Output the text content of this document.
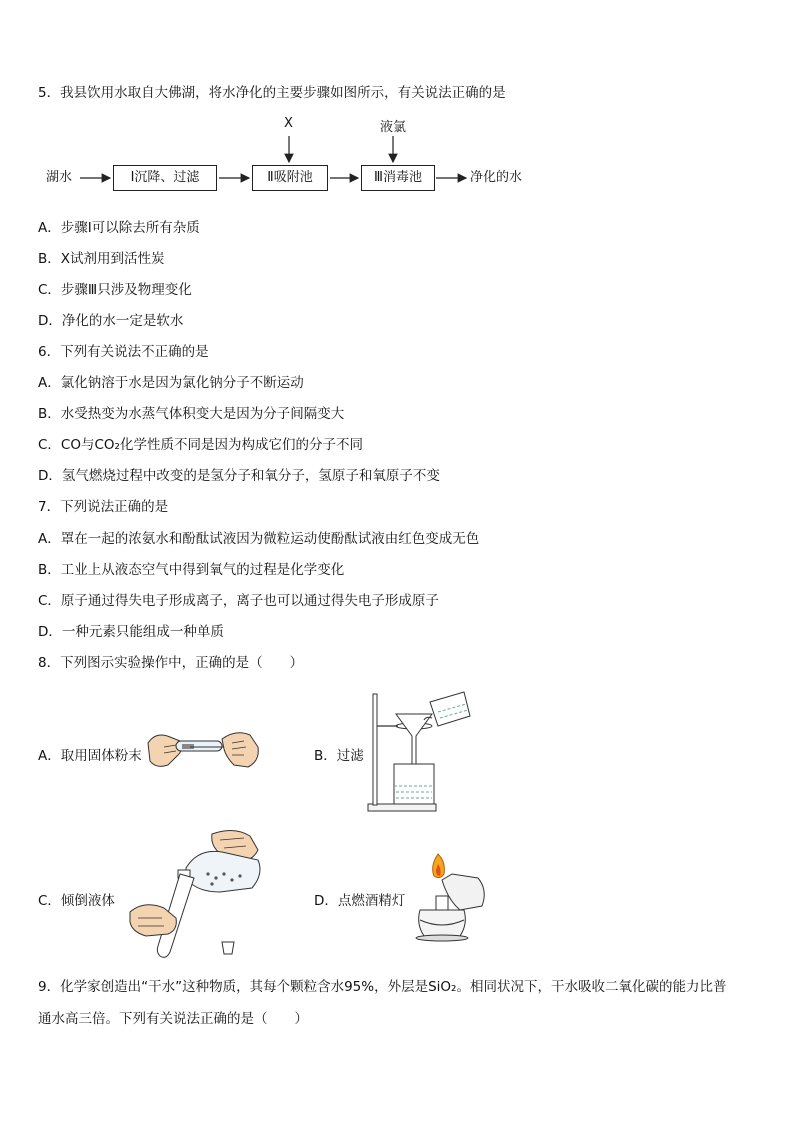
5．我县饮用水取自大佛湖，将水净化的主要步骤如图所示，有关说法正确的是
湖水	Ⅰ沉降、过滤	Ⅱ吸附池	Ⅲ消毒池	净化的水
X	液氯
A．步骤Ⅰ可以除去所有杂质
B．X试剂用到活性炭
C．步骤Ⅲ只涉及物理变化
D．净化的水一定是软水
6．下列有关说法不正确的是
A．氯化钠溶于水是因为氯化钠分子不断运动
B．水受热变为水蒸气体积变大是因为分子间隔变大
C．CO与CO₂化学性质不同是因为构成它们的分子不同
D．氢气燃烧过程中改变的是氢分子和氧分子，氢原子和氧原子不变
7．下列说法正确的是
A．罩在一起的浓氨水和酚酞试液因为微粒运动使酚酞试液由红色变成无色
B．工业上从液态空气中得到氧气的过程是化学变化
C．原子通过得失电子形成离子，离子也可以通过得失电子形成原子
D．一种元素只能组成一种单质
8．下列图示实验操作中，正确的是（　　）
A．取用固体粉末	B．过滤
C．倾倒液体	D．点燃酒精灯
9．化学家创造出“干水”这种物质，其每个颗粒含水95%，外层是SiO₂。相同状况下，干水吸收二氧化碳的能力比普
通水高三倍。下列有关说法正确的是（　　）
